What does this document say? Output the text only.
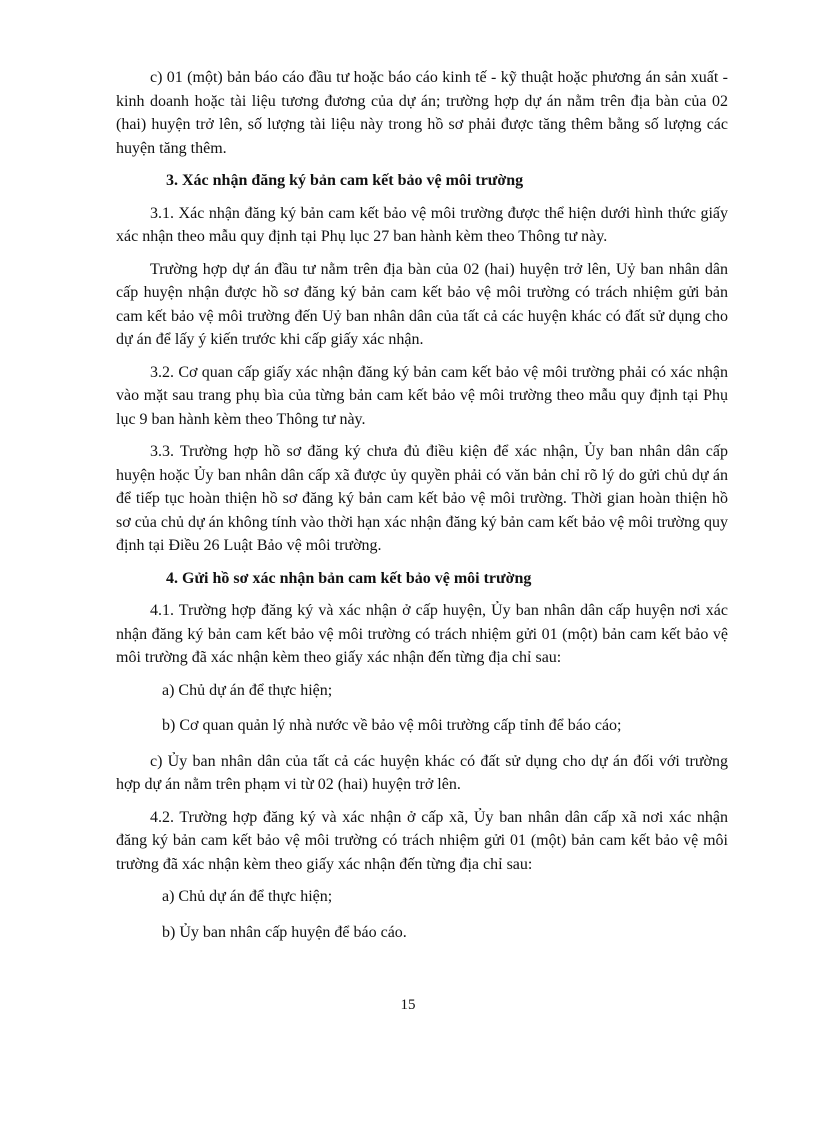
c) 01 (một) bản báo cáo đầu tư hoặc báo cáo kinh tế - kỹ thuật hoặc phương án sản xuất - kinh doanh hoặc tài liệu tương đương của dự án; trường hợp dự án nằm trên địa bàn của 02 (hai) huyện trở lên, số lượng tài liệu này trong hồ sơ phải được tăng thêm bằng số lượng các huyện tăng thêm.

3. Xác nhận đăng ký bản cam kết bảo vệ môi trường

3.1. Xác nhận đăng ký bản cam kết bảo vệ môi trường được thể hiện dưới hình thức giấy xác nhận theo mẫu quy định tại Phụ lục 27 ban hành kèm theo Thông tư này.

Trường hợp dự án đầu tư nằm trên địa bàn của 02 (hai) huyện trở lên, Uỷ ban nhân dân cấp huyện nhận được hồ sơ đăng ký bản cam kết bảo vệ môi trường có trách nhiệm gửi bản cam kết bảo vệ môi trường đến Uỷ ban nhân dân của tất cả các huyện khác có đất sử dụng cho dự án để lấy ý kiến trước khi cấp giấy xác nhận.

3.2. Cơ quan cấp giấy xác nhận đăng ký bản cam kết bảo vệ môi trường phải có xác nhận vào mặt sau trang phụ bìa của từng bản cam kết bảo vệ môi trường theo mẫu quy định tại Phụ lục 9 ban hành kèm theo Thông tư này.

3.3. Trường hợp hồ sơ đăng ký chưa đủ điều kiện để xác nhận, Ủy ban nhân dân cấp huyện hoặc Ủy ban nhân dân cấp xã được ủy quyền phải có văn bản chỉ rõ lý do gửi chủ dự án để tiếp tục hoàn thiện hồ sơ đăng ký bản cam kết bảo vệ môi trường. Thời gian hoàn thiện hồ sơ của chủ dự án không tính vào thời hạn xác nhận đăng ký bản cam kết bảo vệ môi trường quy định tại Điều 26 Luật Bảo vệ môi trường.

4. Gửi hồ sơ xác nhận bản cam kết bảo vệ môi trường

4.1. Trường hợp đăng ký và xác nhận ở cấp huyện, Ủy ban nhân dân cấp huyện nơi xác nhận đăng ký bản cam kết bảo vệ môi trường có trách nhiệm gửi 01 (một) bản cam kết bảo vệ môi trường đã xác nhận kèm theo giấy xác nhận đến từng địa chỉ sau:

a) Chủ dự án để thực hiện;

b) Cơ quan quản lý nhà nước về bảo vệ môi trường cấp tỉnh để báo cáo;

c) Ủy ban nhân dân của tất cả các huyện khác có đất sử dụng cho dự án đối với trường hợp dự án nằm trên phạm vi từ 02 (hai) huyện trở lên.

4.2. Trường hợp đăng ký và xác nhận ở cấp xã, Ủy ban nhân dân cấp xã nơi xác nhận đăng ký bản cam kết bảo vệ môi trường có trách nhiệm gửi 01 (một) bản cam kết bảo vệ môi trường đã xác nhận kèm theo giấy xác nhận đến từng địa chỉ sau:

a) Chủ dự án để thực hiện;

b) Ủy ban nhân cấp huyện để báo cáo.

15
